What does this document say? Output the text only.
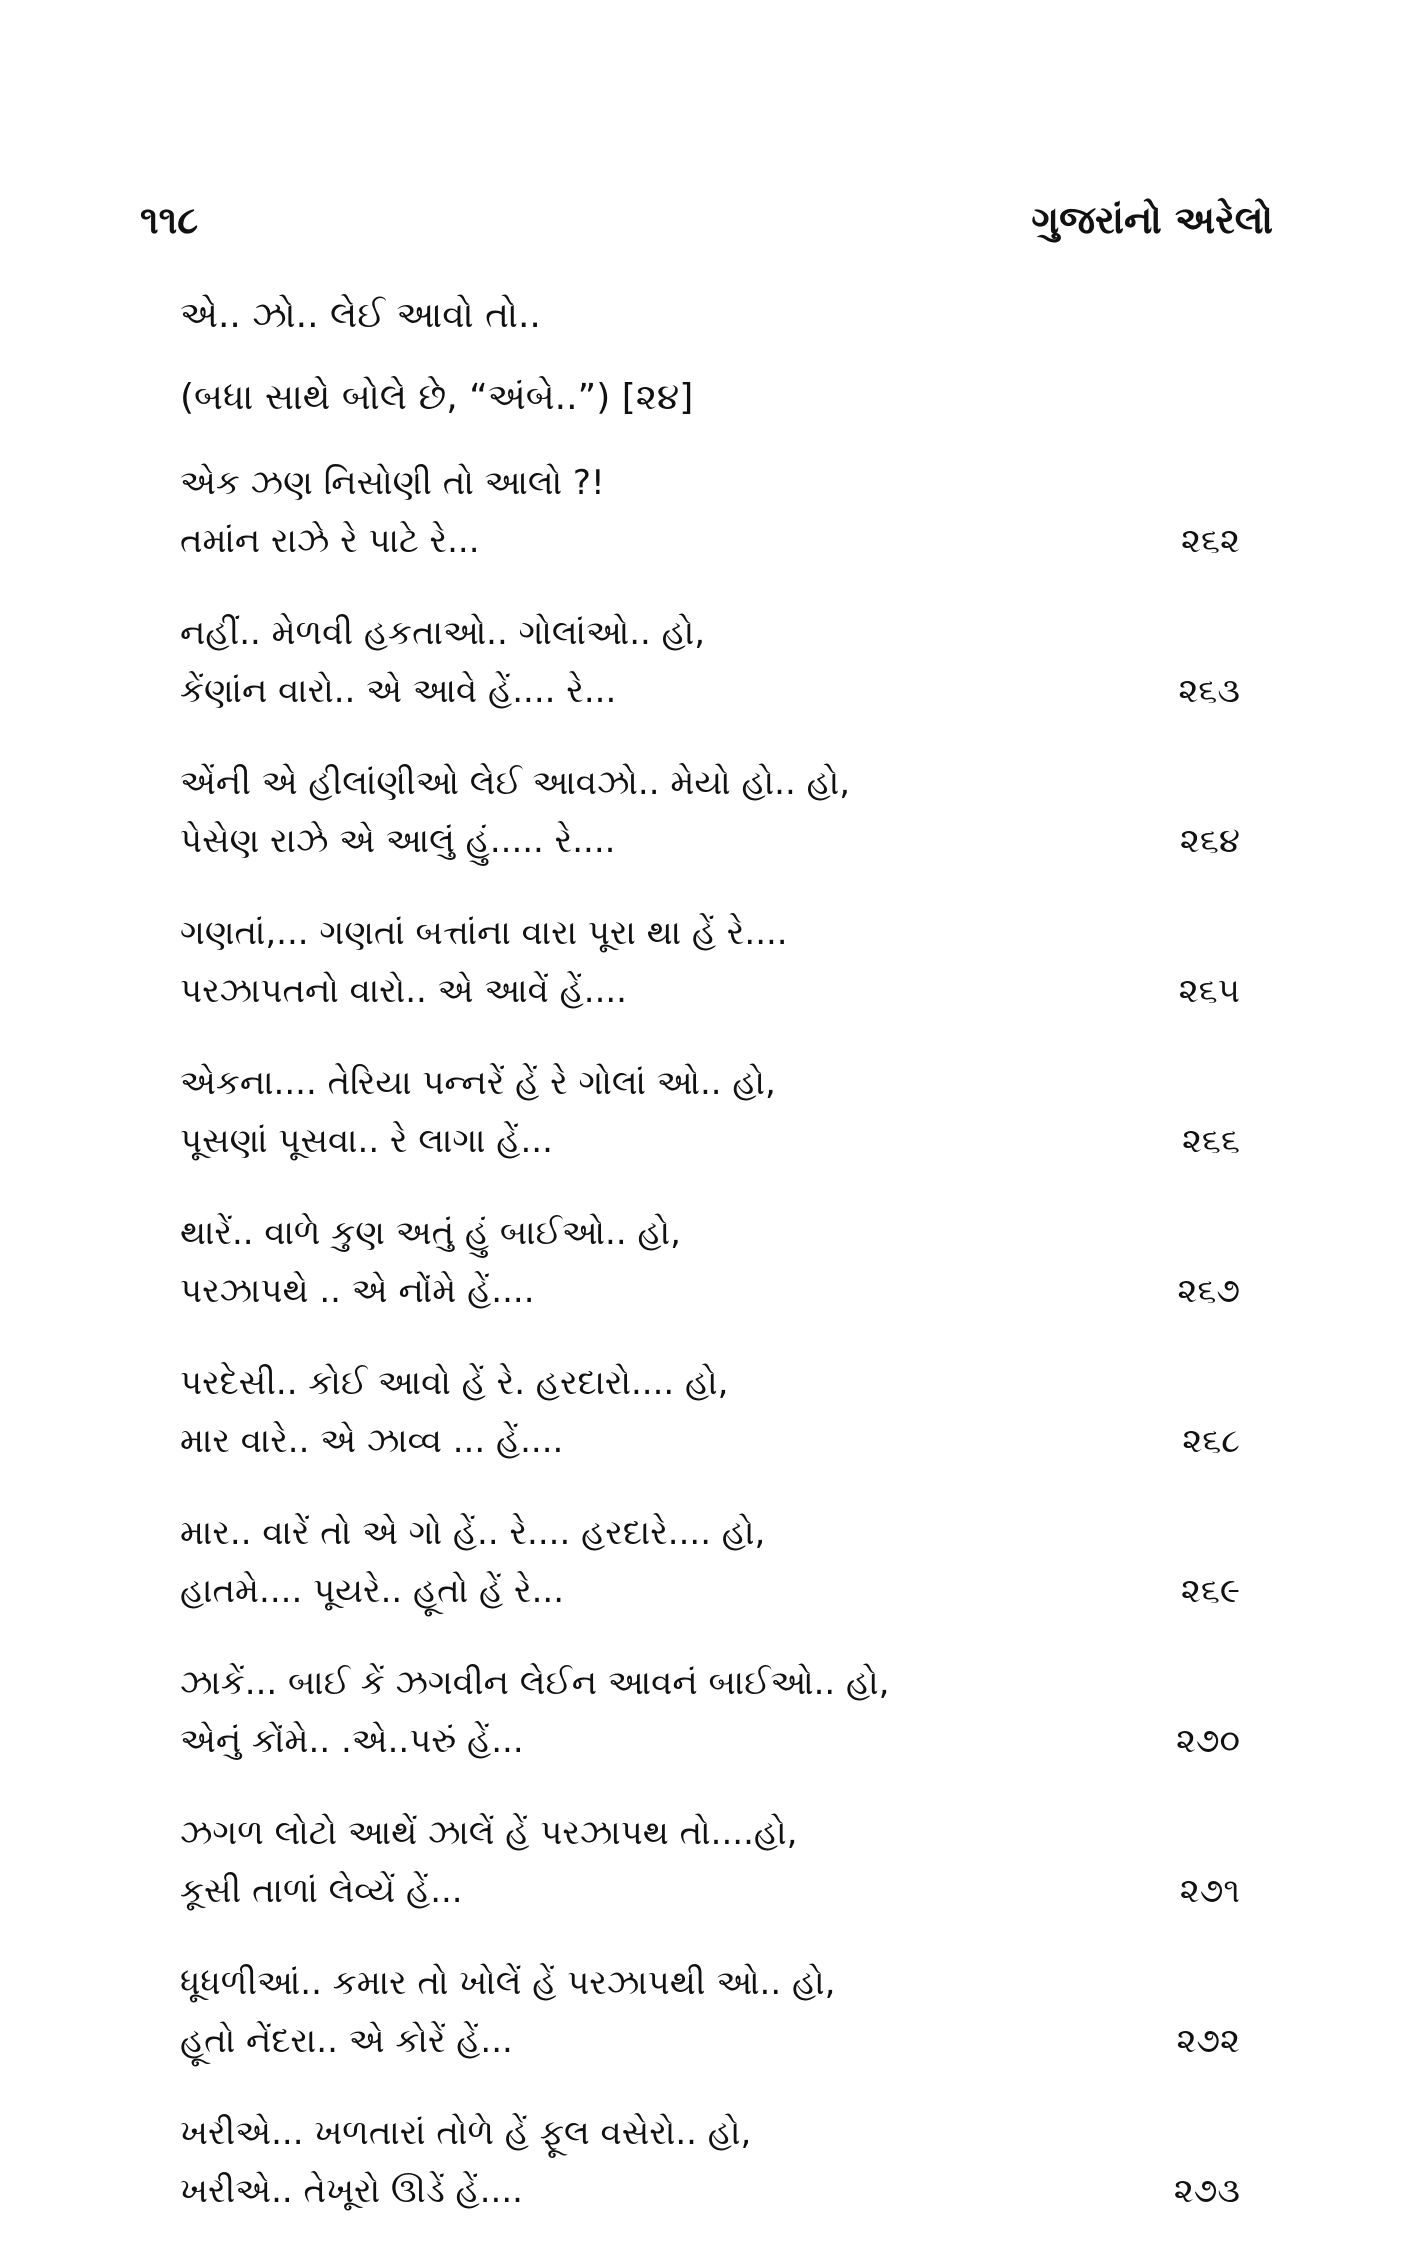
૧૧૮	ગુજરાંનો અરેલો
એ.. ઝો.. લેઈ આવો તો..
(બધા સાથે બોલે છે, “અંબે..”) [૨૪]
એક ઝણ નિસોણી તો આલો ?!
તમાંન રાઝે રે પાટે રે...	૨૬૨
નહીં.. મેળવી હકતાઓ.. ગોલાંઓ.. હો,
કેંણાંન વારો.. એ આવે હેં.... રે...	૨૬૩
એંની એ હીલાંણીઓ લેઈ આવઝો.. મેયો હો.. હો,
પેસેણ રાઝે એ આલું હું..... રે....	૨૬૪
ગણતાં,... ગણતાં બત્તાંના વારા પૂરા થા હેં રે....
પરઝાપતનો વારો.. એ આવેં હેં....	૨૬૫
એકના.... તેરિયા પન્નરેં હેં રે ગોલાં ઓ.. હો,
પૂસણાં પૂસવા.. રે લાગા હેં...	૨૬૬
થારેં.. વાળે કુણ અતું હું બાઈઓ.. હો,
પરઝાપથે .. એ નોંમે હેં....	૨૬૭
પરદેસી.. કોઈ આવો હેં રે. હરદારો.... હો,
માર વારે.. એ ઝાવ્વ ... હેં....	૨૬૮
માર.. વારેં તો એ ગો હેં.. રે.... હરદારે.... હો,
હાતમે.... પૂયરે.. હૂતો હેં રે...	૨૬૯
ઝાકેં... બાઈ કેં ઝગવીન લેઈન આવનં બાઈઓ.. હો,
એનું કોંમે.. .એ..પરું હેં...	૨૭૦
ઝગળ લોટો આથેં ઝાલેં હેં પરઝાપથ તો....હો,
કૂસી તાળાં લેવ્યેં હેં...	૨૭૧
ધૂધળીઆં.. કમાર તો ખોલેં હેં પરઝાપથી ઓ.. હો,
હૂતો નેંદરા.. એ કોરેં હેં...	૨૭૨
ખરીએ... ખળતારાં તોળે હેં ફૂલ વસેરો.. હો,
ખરીએ.. તેખૂરો ઊડેં હેં....	૨૭૩
